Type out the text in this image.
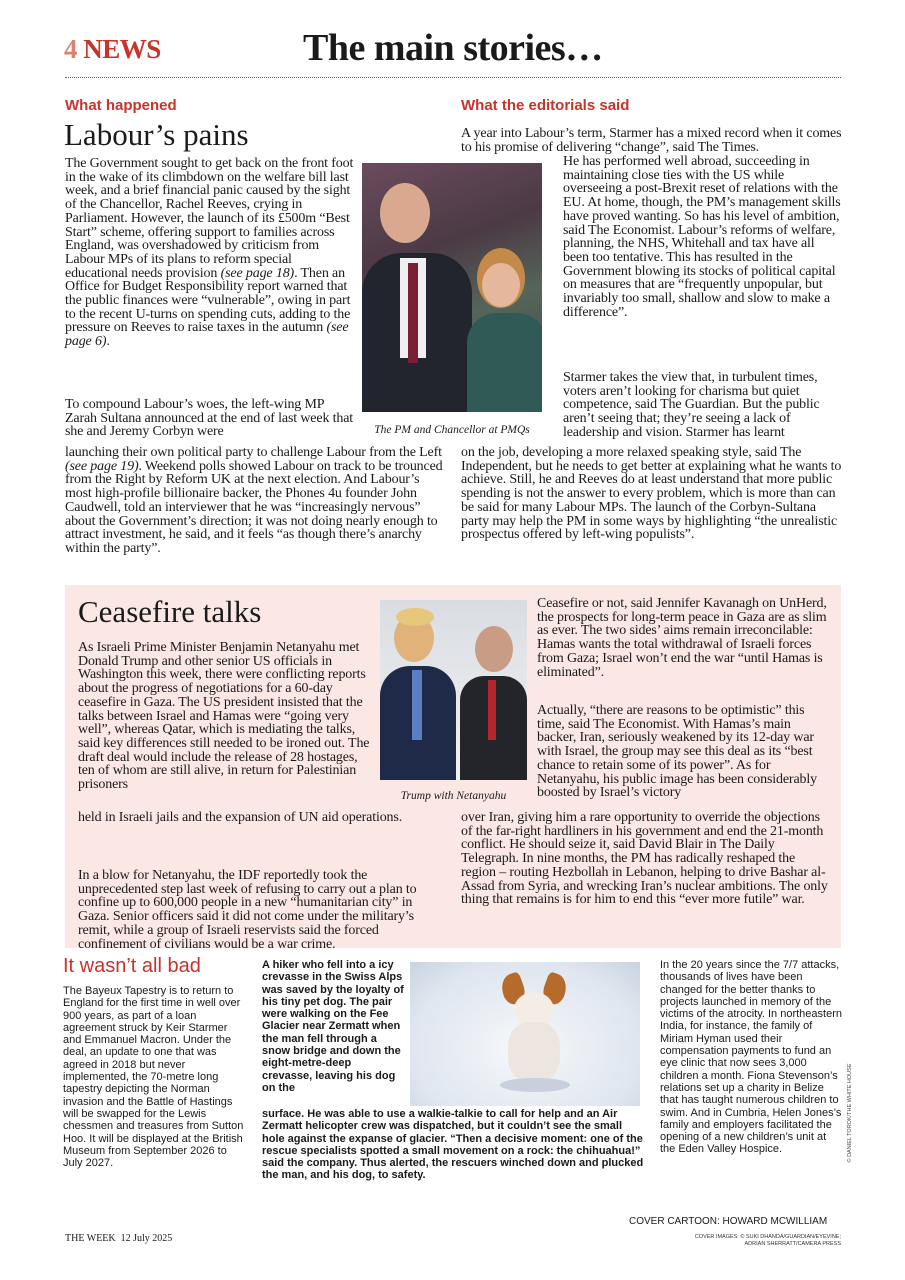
4 NEWS	The main stories…
What happened
Labour’s pains

The Government sought to get back on the front foot in the wake of its climbdown on the welfare bill last week, and a brief financial panic caused by the sight of the Chancellor, Rachel Reeves, crying in Parliament. However, the launch of its £500m “Best Start” scheme, offering support to families across England, was overshadowed by criticism from Labour MPs of its plans to reform special educational needs provision (see page 18). Then an Office for Budget Responsibility report warned that the public finances were “vulnerable”, owing in part to the recent U-turns on spending cuts, adding to the pressure on Reeves to raise taxes in the autumn (see page 6).

To compound Labour’s woes, the left-wing MP Zarah Sultana announced at the end of last week that she and Jeremy Corbyn were

launching their own political party to challenge Labour from the Left (see page 19). Weekend polls showed Labour on track to be trounced from the Right by Reform UK at the next election. And Labour’s most high-profile billionaire backer, the Phones 4u founder John Caudwell, told an interviewer that he was “increasingly nervous” about the Government’s direction; it was not doing nearly enough to attract investment, he said, and it feels “as though there’s anarchy within the party”.

The PM and Chancellor at PMQs
What the editorials said

A year into Labour’s term, Starmer has a mixed record when it comes to his promise of delivering “change”, said The Times.

He has performed well abroad, succeeding in maintaining close ties with the US while overseeing a post-Brexit reset of relations with the EU. At home, though, the PM’s management skills have proved wanting. So has his level of ambition, said The Economist. Labour’s reforms of welfare, planning, the NHS, Whitehall and tax have all been too tentative. This has resulted in the Government blowing its stocks of political capital on measures that are “frequently unpopular, but invariably too small, shallow and slow to make a difference”.

Starmer takes the view that, in turbulent times, voters aren’t looking for charisma but quiet competence, said The Guardian. But the public aren’t seeing that; they’re seeing a lack of leadership and vision. Starmer has learnt

on the job, developing a more relaxed speaking style, said The Independent, but he needs to get better at explaining what he wants to achieve. Still, he and Reeves do at least understand that more public spending is not the answer to every problem, which is more than can be said for many Labour MPs. The launch of the Corbyn-Sultana party may help the PM in some ways by highlighting “the unrealistic prospectus offered by left-wing populists”.

Ceasefire talks

As Israeli Prime Minister Benjamin Netanyahu met Donald Trump and other senior US officials in Washington this week, there were conflicting reports about the progress of negotiations for a 60-day ceasefire in Gaza. The US president insisted that the talks between Israel and Hamas were “going very well”, whereas Qatar, which is mediating the talks, said key differences still needed to be ironed out. The draft deal would include the release of 28 hostages, ten of whom are still alive, in return for Palestinian prisoners

held in Israeli jails and the expansion of UN aid operations.

In a blow for Netanyahu, the IDF reportedly took the unprecedented step last week of refusing to carry out a plan to confine up to 600,000 people in a new “humanitarian city” in Gaza. Senior officers said it did not come under the military’s remit, while a group of Israeli reservists said the forced confinement of civilians would be a war crime.

Trump with Netanyahu

Ceasefire or not, said Jennifer Kavanagh on UnHerd, the prospects for long-term peace in Gaza are as slim as ever. The two sides’ aims remain irreconcilable: Hamas wants the total withdrawal of Israeli forces from Gaza; Israel won’t end the war “until Hamas is eliminated”.

Actually, “there are reasons to be optimistic” this time, said The Economist. With Hamas’s main backer, Iran, seriously weakened by its 12-day war with Israel, the group may see this deal as its “best chance to retain some of its power”. As for Netanyahu, his public image has been considerably boosted by Israel’s victory

over Iran, giving him a rare opportunity to override the objections of the far-right hardliners in his government and end the 21-month conflict. He should seize it, said David Blair in The Daily Telegraph. In nine months, the PM has radically reshaped the region – routing Hezbollah in Lebanon, helping to drive Bashar al-Assad from Syria, and wrecking Iran’s nuclear ambitions. The only thing that remains is for him to end this “ever more futile” war.

It wasn’t all bad

The Bayeux Tapestry is to return to England for the first time in well over 900 years, as part of a loan agreement struck by Keir Starmer and Emmanuel Macron. Under the deal, an update to one that was agreed in 2018 but never implemented, the 70-metre long tapestry depicting the Norman invasion and the Battle of Hastings will be swapped for the Lewis chessmen and treasures from Sutton Hoo. It will be displayed at the British Museum from September 2026 to July 2027.

A hiker who fell into a icy crevasse in the Swiss Alps was saved by the loyalty of his tiny pet dog. The pair were walking on the Fee Glacier near Zermatt when the man fell through a snow bridge and down the eight-metre-deep crevasse, leaving his dog on the

surface. He was able to use a walkie-talkie to call for help and an Air Zermatt helicopter crew was dispatched, but it couldn’t see the small hole against the expanse of glacier. “Then a decisive moment: one of the rescue specialists spotted a small movement on a rock: the chihuahua!” said the company. Thus alerted, the rescuers winched down and plucked the man, and his dog, to safety.

In the 20 years since the 7/7 attacks, thousands of lives have been changed for the better thanks to projects launched in memory of the victims of the atrocity. In northeastern India, for instance, the family of Miriam Hyman used their compensation payments to fund an eye clinic that now sees 3,000 children a month. Fiona Stevenson’s relations set up a charity in Belize that has taught numerous children to swim. And in Cumbria, Helen Jones’s family and employers facilitated the opening of a new children’s unit at the Eden Valley Hospice.	© DANIEL TOROK/THE WHITE HOUSE
THE WEEK  12 July 2025
COVER CARTOON: HOWARD MCWILLIAM
COVER IMAGES: © SUKI DHANDA/GUARDIAN/EYEVINE;
ADRIAN SHERRATT/CAMERA PRESS
